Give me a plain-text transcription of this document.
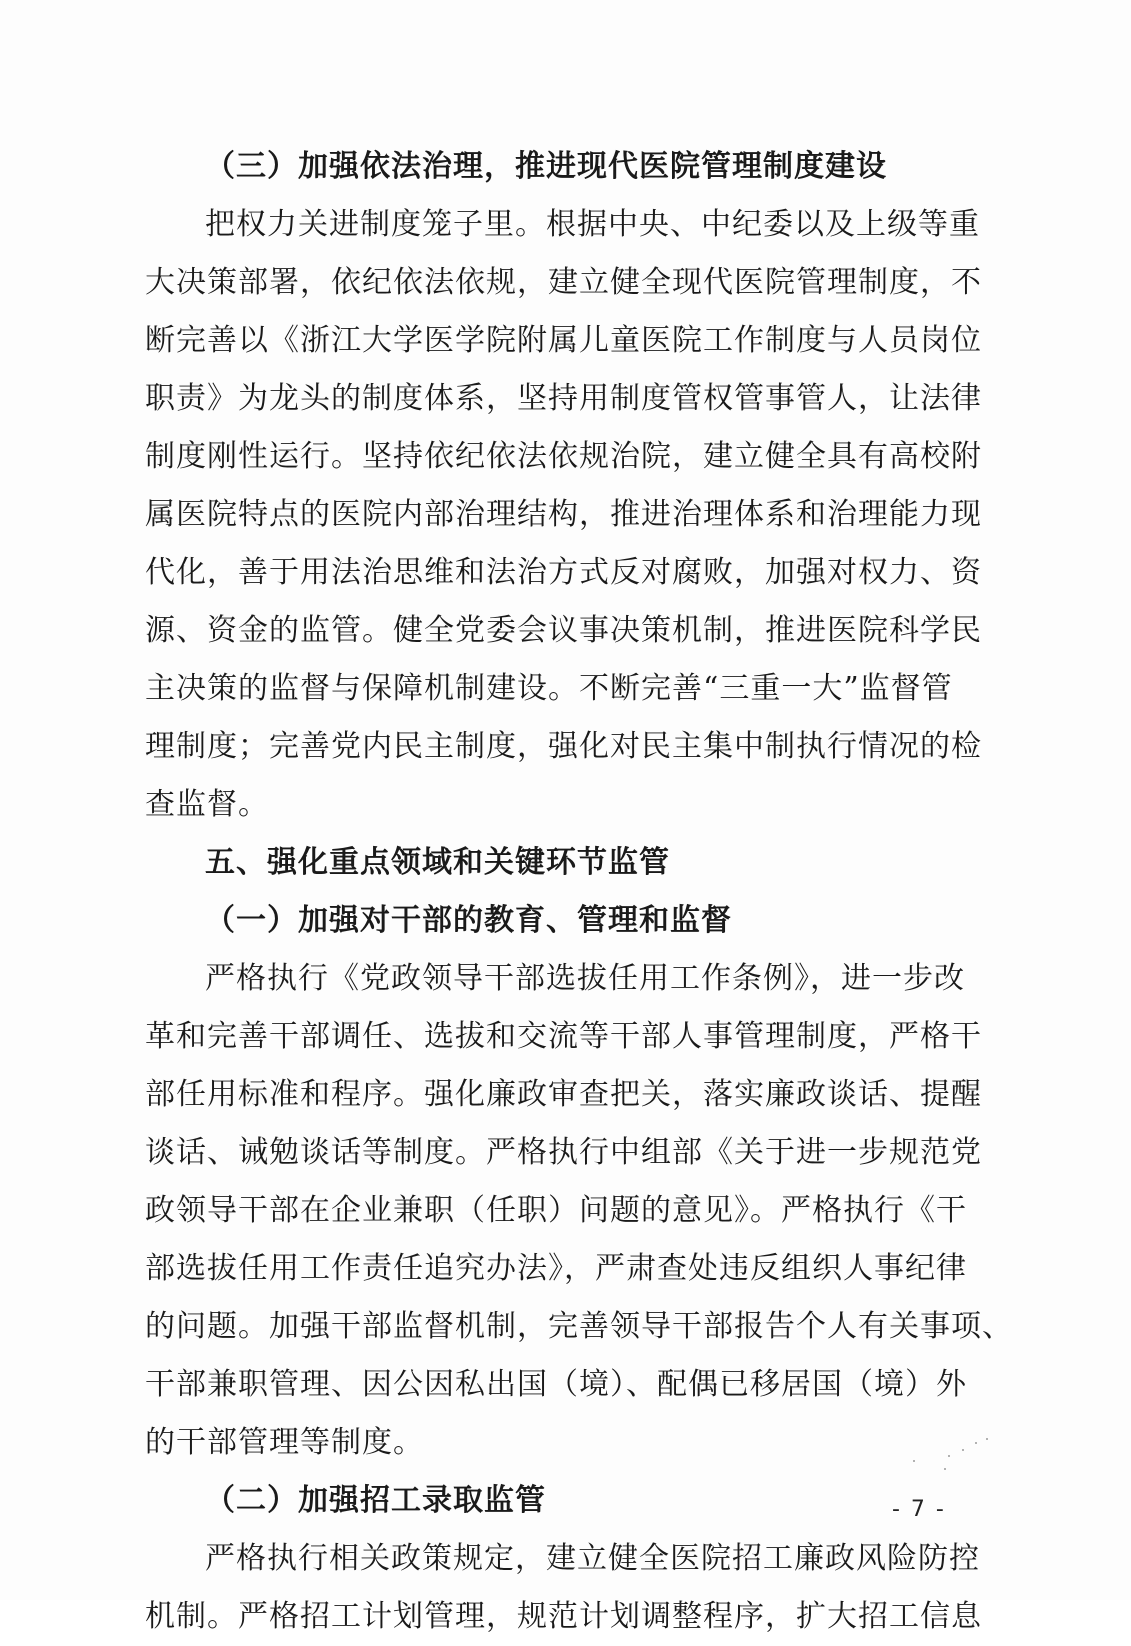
（三）加强依法治理，推进现代医院管理制度建设
把权力关进制度笼子里。根据中央、中纪委以及上级等重
大决策部署，依纪依法依规，建立健全现代医院管理制度，不
断完善以《浙江大学医学院附属儿童医院工作制度与人员岗位
职责》为龙头的制度体系，坚持用制度管权管事管人，让法律
制度刚性运行。坚持依纪依法依规治院，建立健全具有高校附
属医院特点的医院内部治理结构，推进治理体系和治理能力现
代化，善于用法治思维和法治方式反对腐败，加强对权力、资
源、资金的监管。健全党委会议事决策机制，推进医院科学民
主决策的监督与保障机制建设。不断完善“三重一大”监督管
理制度；完善党内民主制度，强化对民主集中制执行情况的检
查监督。
五、强化重点领域和关键环节监管
（一）加强对干部的教育、管理和监督
严格执行《党政领导干部选拔任用工作条例》，进一步改
革和完善干部调任、选拔和交流等干部人事管理制度，严格干
部任用标准和程序。强化廉政审查把关，落实廉政谈话、提醒
谈话、诫勉谈话等制度。严格执行中组部《关于进一步规范党
政领导干部在企业兼职（任职）问题的意见》。严格执行《干
部选拔任用工作责任追究办法》，严肃查处违反组织人事纪律
的问题。加强干部监督机制，完善领导干部报告个人有关事项、
干部兼职管理、因公因私出国（境）、配偶已移居国（境）外
的干部管理等制度。
（二）加强招工录取监管
严格执行相关政策规定，建立健全医院招工廉政风险防控
机制。严格招工计划管理，规范计划调整程序，扩大招工信息
- 7 -
